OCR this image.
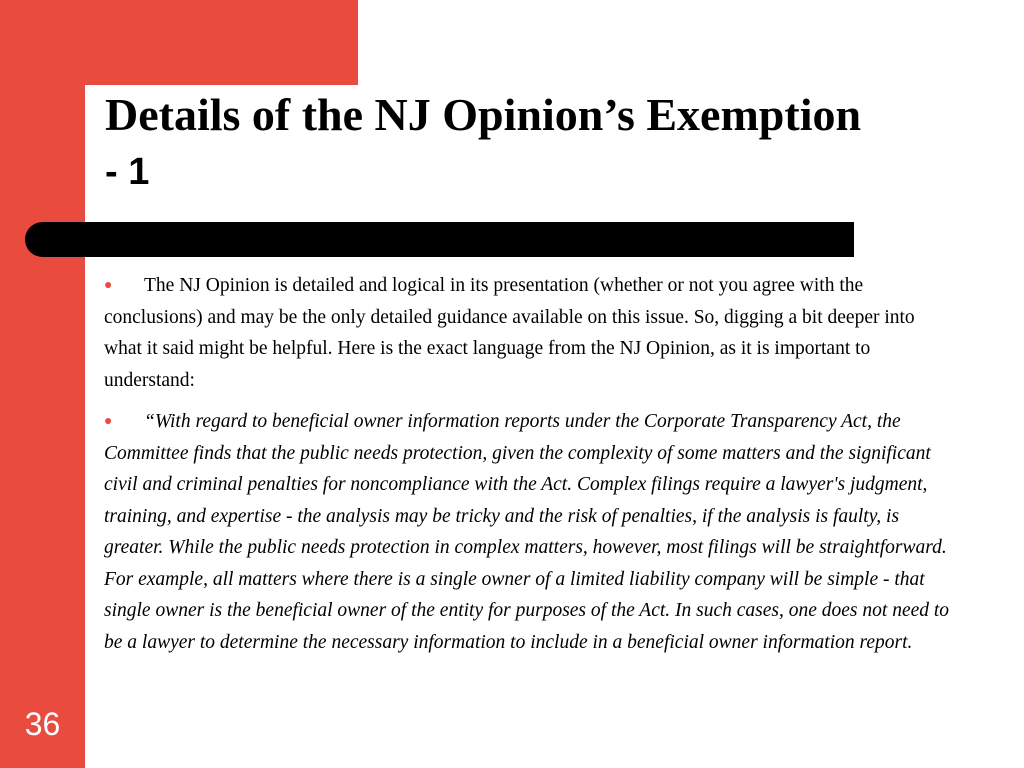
Details of the NJ Opinion’s Exemption
- 1

● The NJ Opinion is detailed and logical in its presentation (whether or not you agree with the conclusions) and may be the only detailed guidance available on this issue. So, digging a bit deeper into what it said might be helpful. Here is the exact language from the NJ Opinion, as it is important to understand:

● “With regard to beneficial owner information reports under the Corporate Transparency Act, the Committee finds that the public needs protection, given the complexity of some matters and the significant civil and criminal penalties for noncompliance with the Act. Complex filings require a lawyer's judgment, training, and expertise - the analysis may be tricky and the risk of penalties, if the analysis is faulty, is greater. While the public needs protection in complex matters, however, most filings will be straightforward. For example, all matters where there is a single owner of a limited liability company will be simple - that single owner is the beneficial owner of the entity for purposes of the Act. In such cases, one does not need to be a lawyer to determine the necessary information to include in a beneficial owner information report.

36
